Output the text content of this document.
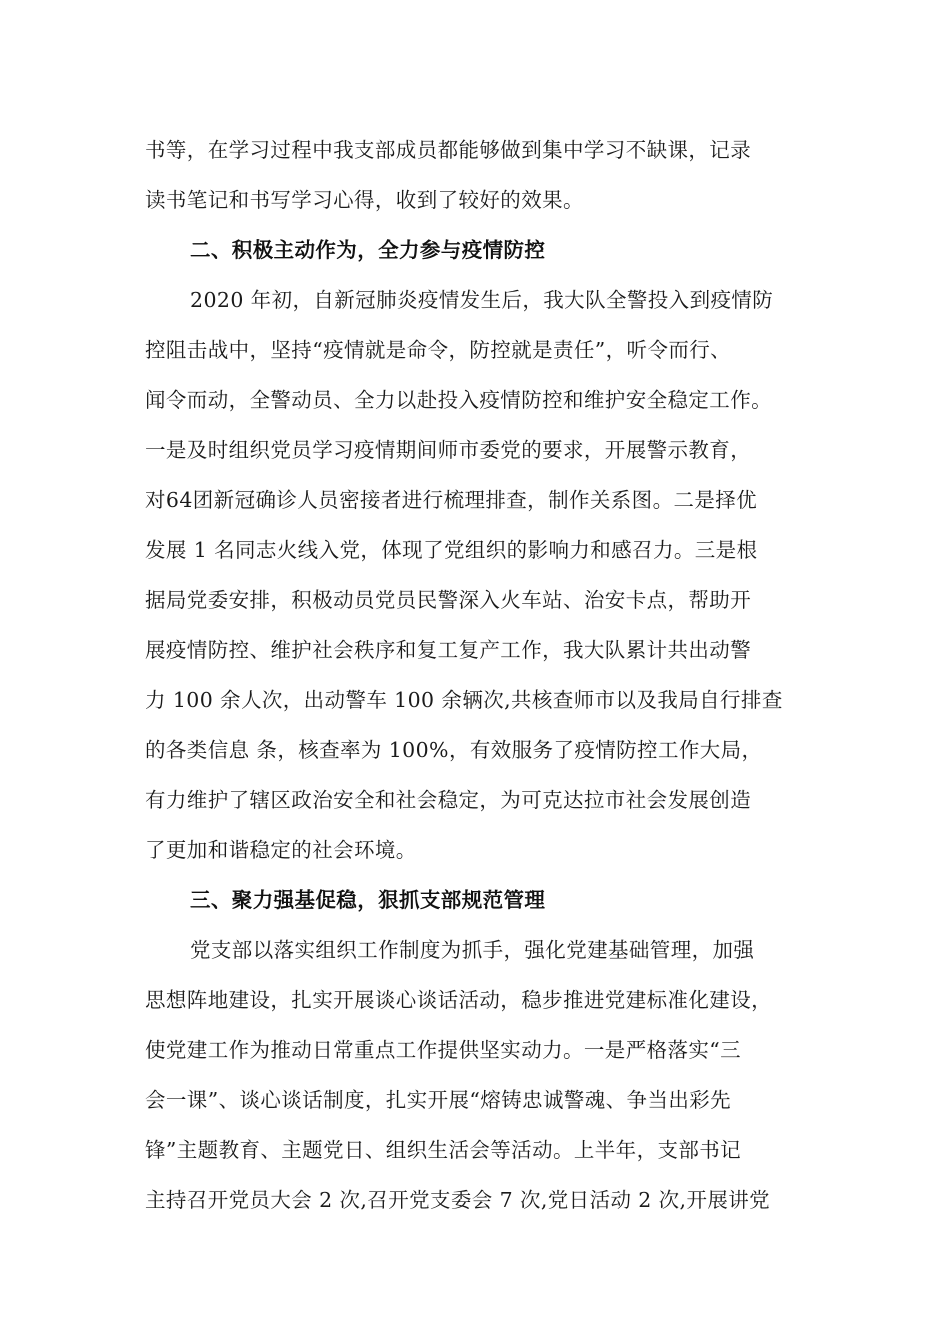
书等，在学习过程中我支部成员都能够做到集中学习不缺课，记录
读书笔记和书写学习心得，收到了较好的效果。
二、积极主动作为，全力参与疫情防控
2020 年初，自新冠肺炎疫情发生后，我大队全警投入到疫情防
控阻击战中，坚持“疫情就是命令，防控就是责任”，听令而行、
闻令而动，全警动员、全力以赴投入疫情防控和维护安全稳定工作。
一是及时组织党员学习疫情期间师市委党的要求，开展警示教育，
对64团新冠确诊人员密接者进行梳理排查，制作关系图。二是择优
发展 1 名同志火线入党，体现了党组织的影响力和感召力。三是根
据局党委安排，积极动员党员民警深入火车站、治安卡点，帮助开
展疫情防控、维护社会秩序和复工复产工作，我大队累计共出动警
力 100 余人次，出动警车 100 余辆次,共核查师市以及我局自行排查
的各类信息 条，核查率为 100%，有效服务了疫情防控工作大局，
有力维护了辖区政治安全和社会稳定，为可克达拉市社会发展创造
了更加和谐稳定的社会环境。
三、聚力强基促稳，狠抓支部规范管理
党支部以落实组织工作制度为抓手，强化党建基础管理，加强
思想阵地建设，扎实开展谈心谈话活动，稳步推进党建标准化建设，
使党建工作为推动日常重点工作提供坚实动力。一是严格落实“三
会一课”、谈心谈话制度，扎实开展“熔铸忠诚警魂、争当出彩先
锋”主题教育、主题党日、组织生活会等活动。上半年，支部书记
主持召开党员大会 2 次,召开党支委会 7 次,党日活动 2 次,开展讲党
